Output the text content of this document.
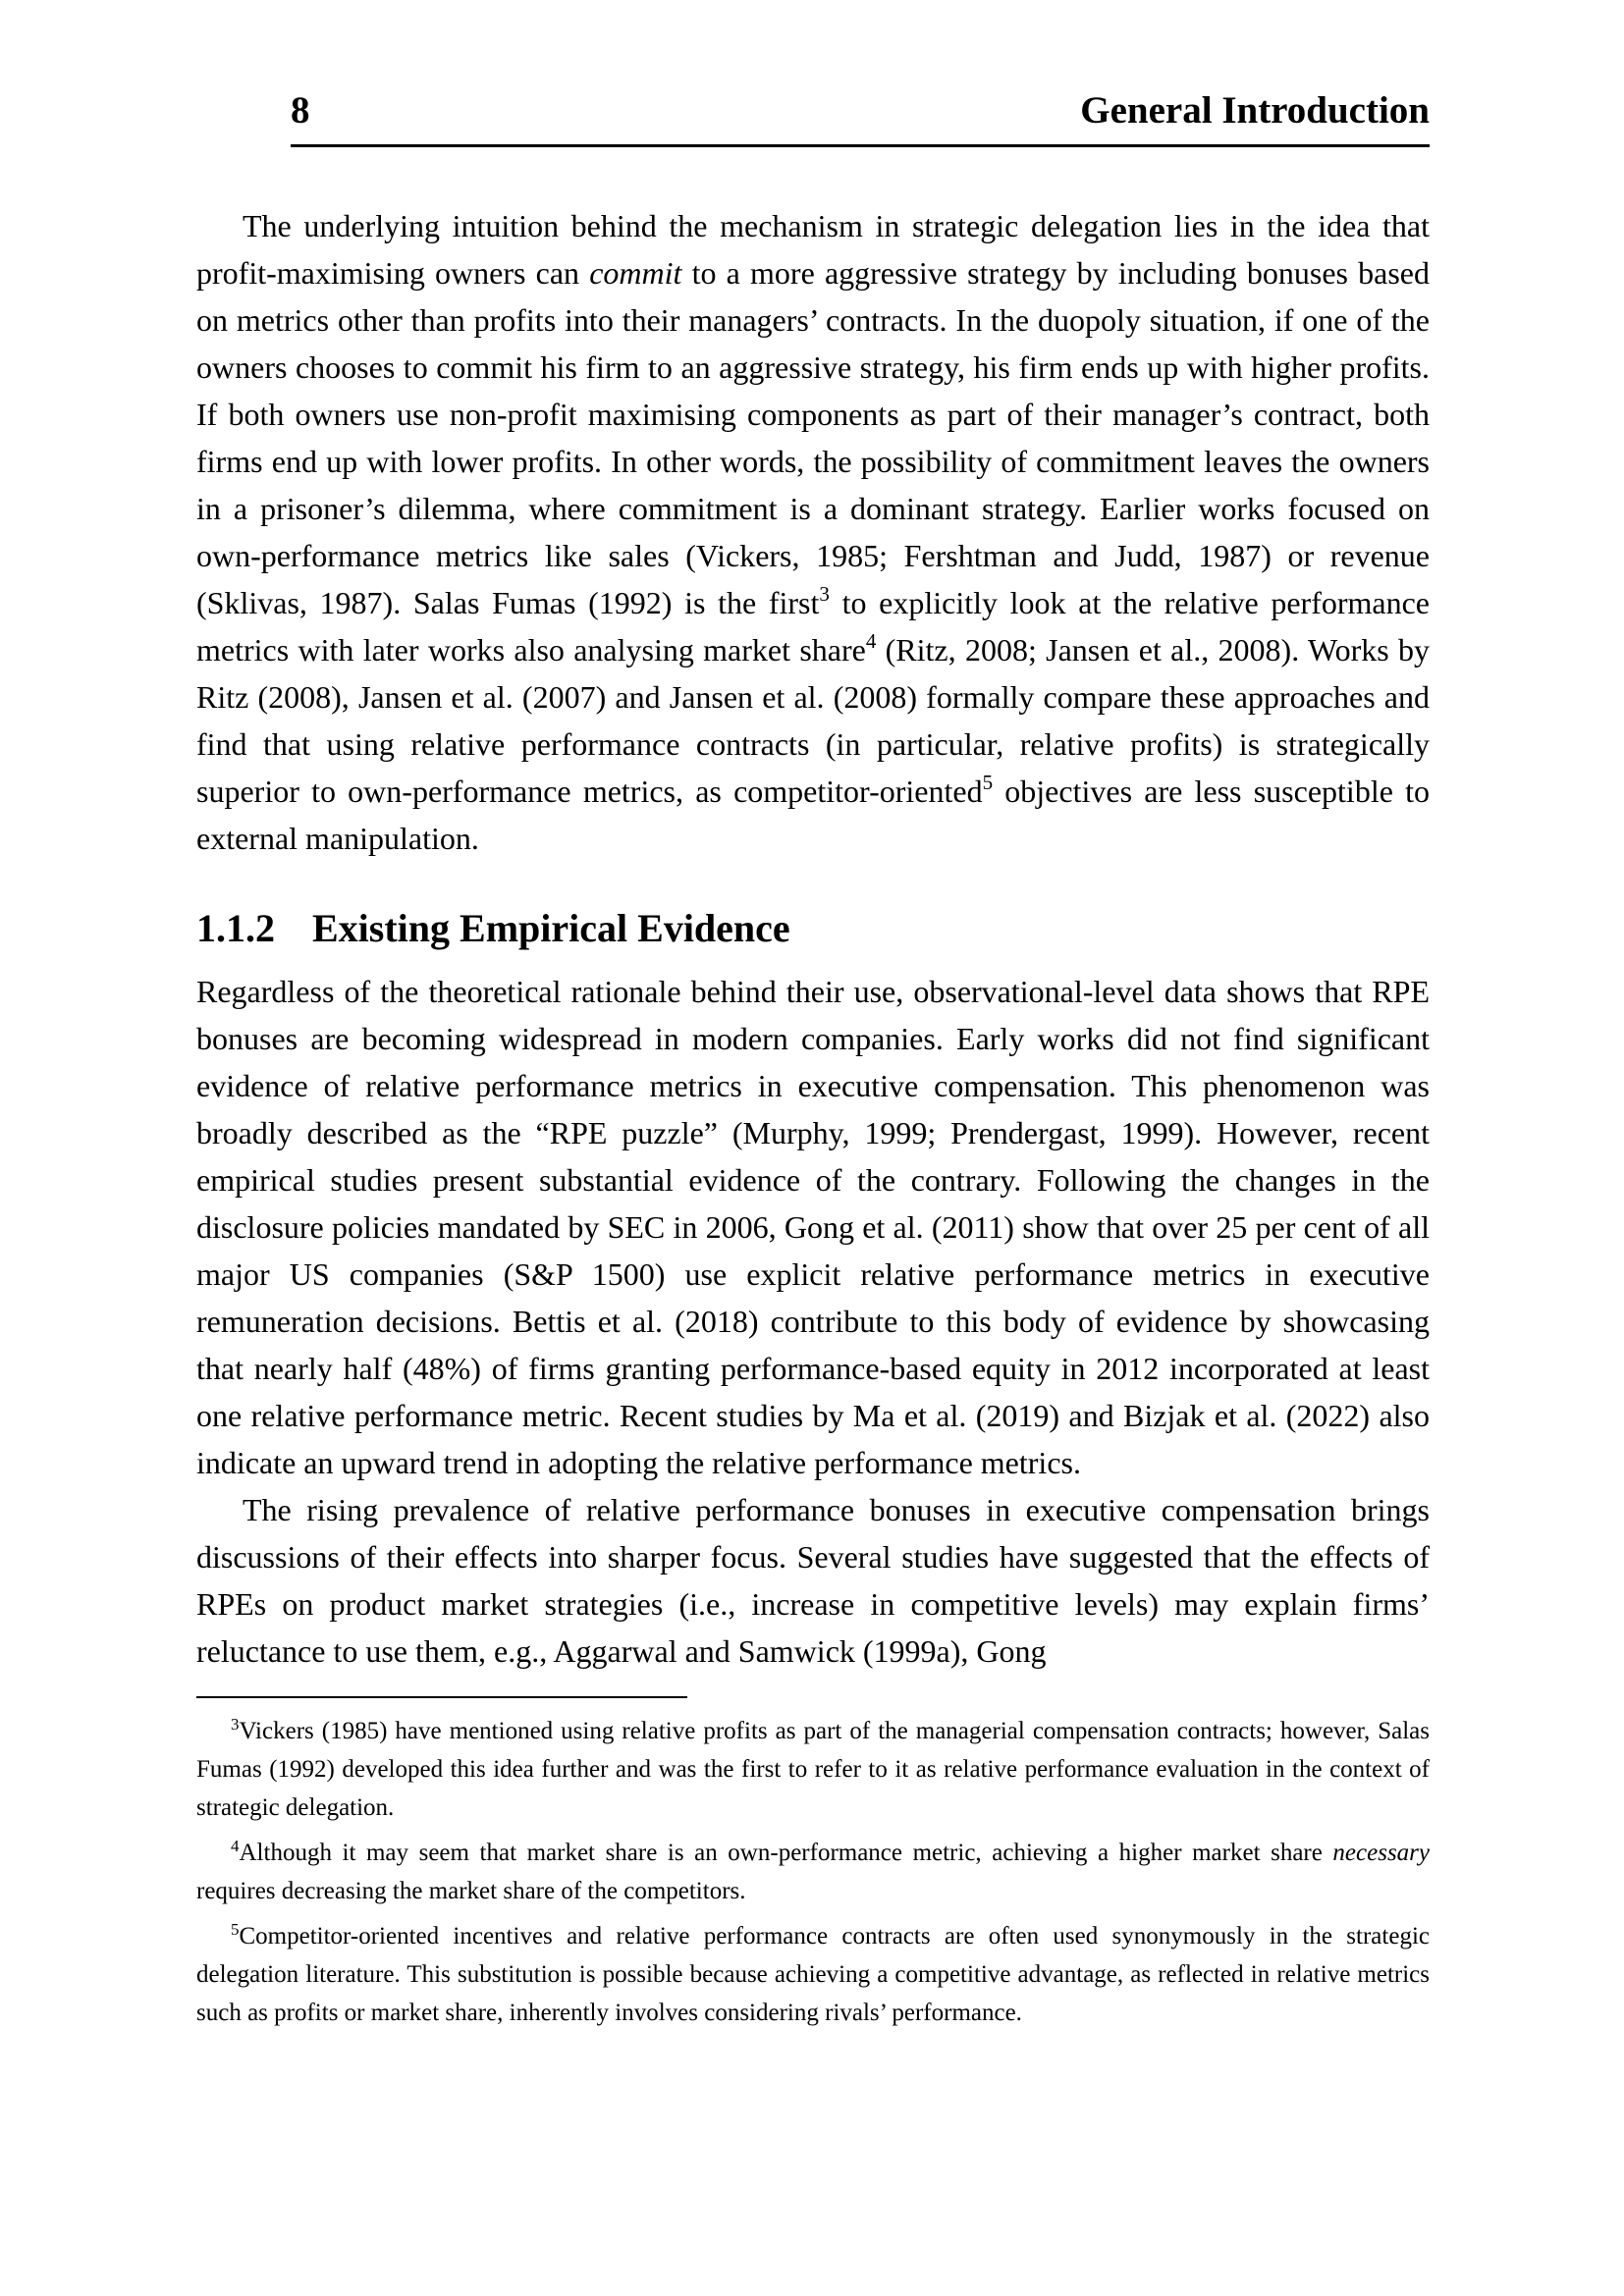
8	General Introduction

The underlying intuition behind the mechanism in strategic delegation lies in the idea that profit-maximising owners can commit to a more aggressive strategy by including bonuses based on metrics other than profits into their managers’ contracts. In the duopoly situation, if one of the owners chooses to commit his firm to an aggressive strategy, his firm ends up with higher profits. If both owners use non-profit maximising components as part of their manager’s contract, both firms end up with lower profits. In other words, the possibility of commitment leaves the owners in a prisoner’s dilemma, where commitment is a dominant strategy. Earlier works focused on own-performance metrics like sales (Vickers, 1985; Fershtman and Judd, 1987) or revenue (Sklivas, 1987). Salas Fumas (1992) is the first$^3$ to explicitly look at the relative performance metrics with later works also analysing market share$^4$ (Ritz, 2008; Jansen et al., 2008). Works by Ritz (2008), Jansen et al. (2007) and Jansen et al. (2008) formally compare these approaches and find that using relative performance contracts (in particular, relative profits) is strategically superior to own-performance metrics, as competitor-oriented$^5$ objectives are less susceptible to external manipulation.

1.1.2 Existing Empirical Evidence

Regardless of the theoretical rationale behind their use, observational-level data shows that RPE bonuses are becoming widespread in modern companies. Early works did not find significant evidence of relative performance metrics in executive compensation. This phenomenon was broadly described as the “RPE puzzle” (Murphy, 1999; Prendergast, 1999). However, recent empirical studies present substantial evidence of the contrary. Following the changes in the disclosure policies mandated by SEC in 2006, Gong et al. (2011) show that over 25 per cent of all major US companies (S&P 1500) use explicit relative performance metrics in executive remuneration decisions. Bettis et al. (2018) contribute to this body of evidence by showcasing that nearly half (48%) of firms granting performance-based equity in 2012 incorporated at least one relative performance metric. Recent studies by Ma et al. (2019) and Bizjak et al. (2022) also indicate an upward trend in adopting the relative performance metrics.

The rising prevalence of relative performance bonuses in executive compensation brings discussions of their effects into sharper focus. Several studies have suggested that the effects of RPEs on product market strategies (i.e., increase in competitive levels) may explain firms’ reluctance to use them, e.g., Aggarwal and Samwick (1999a), Gong

$^3$Vickers (1985) have mentioned using relative profits as part of the managerial compensation contracts; however, Salas Fumas (1992) developed this idea further and was the first to refer to it as relative performance evaluation in the context of strategic delegation.

$^4$Although it may seem that market share is an own-performance metric, achieving a higher market share necessary requires decreasing the market share of the competitors.

$^5$Competitor-oriented incentives and relative performance contracts are often used synonymously in the strategic delegation literature. This substitution is possible because achieving a competitive advantage, as reflected in relative metrics such as profits or market share, inherently involves considering rivals’ performance.
